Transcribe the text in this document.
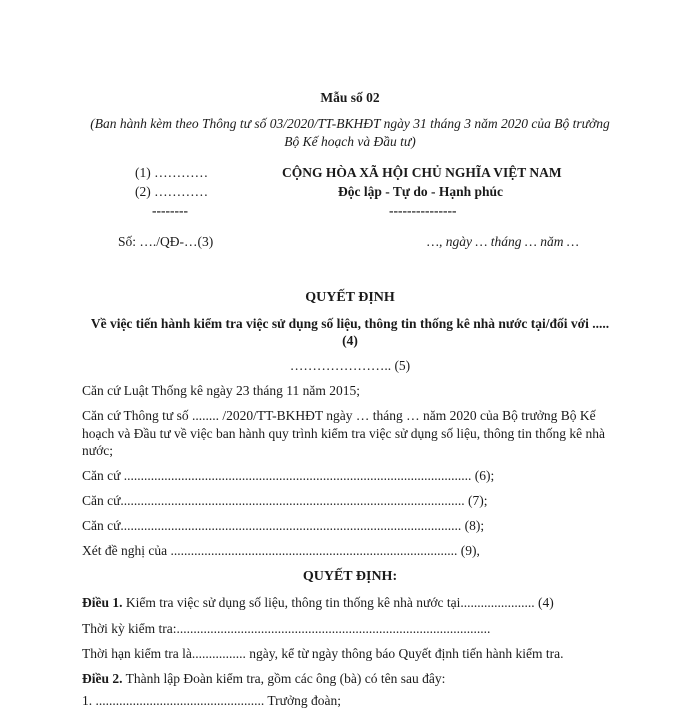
Mẫu số 02
(Ban hành kèm theo Thông tư số 03/2020/TT-BKHĐT ngày 31 tháng 3 năm 2020 của Bộ trưởng
Bộ Kế hoạch và Đầu tư)
(1) …………
(2) …………
--------
Số: …./QĐ-…(3)
CỘNG HÒA XÃ HỘI CHỦ NGHĨA VIỆT NAM
Độc lập - Tự do - Hạnh phúc
---------------
…, ngày … tháng … năm …
QUYẾT ĐỊNH
Về việc tiến hành kiểm tra việc sử dụng số liệu, thông tin thống kê nhà nước tại/đối với .....
(4)
………………….. (5)
Căn cứ Luật Thống kê ngày 23 tháng 11 năm 2015;
Căn cứ Thông tư số ........ /2020/TT-BKHĐT ngày … tháng … năm 2020 của Bộ trưởng Bộ Kế
hoạch và Đầu tư về việc ban hành quy trình kiểm tra việc sử dụng số liệu, thông tin thống kê nhà
nước;
Căn cứ ....................................................................................................... (6);
Căn cứ...................................................................................................... (7);
Căn cứ..................................................................................................... (8);
Xét đề nghị của ..................................................................................... (9),
QUYẾT ĐỊNH:
Điều 1. Kiểm tra việc sử dụng số liệu, thông tin thống kê nhà nước tại...................... (4)
Thời kỳ kiểm tra:.............................................................................................
Thời hạn kiểm tra là................ ngày, kể từ ngày thông báo Quyết định tiến hành kiểm tra.
Điều 2. Thành lập Đoàn kiểm tra, gồm các ông (bà) có tên sau đây:
1. .................................................. Trưởng đoàn;
